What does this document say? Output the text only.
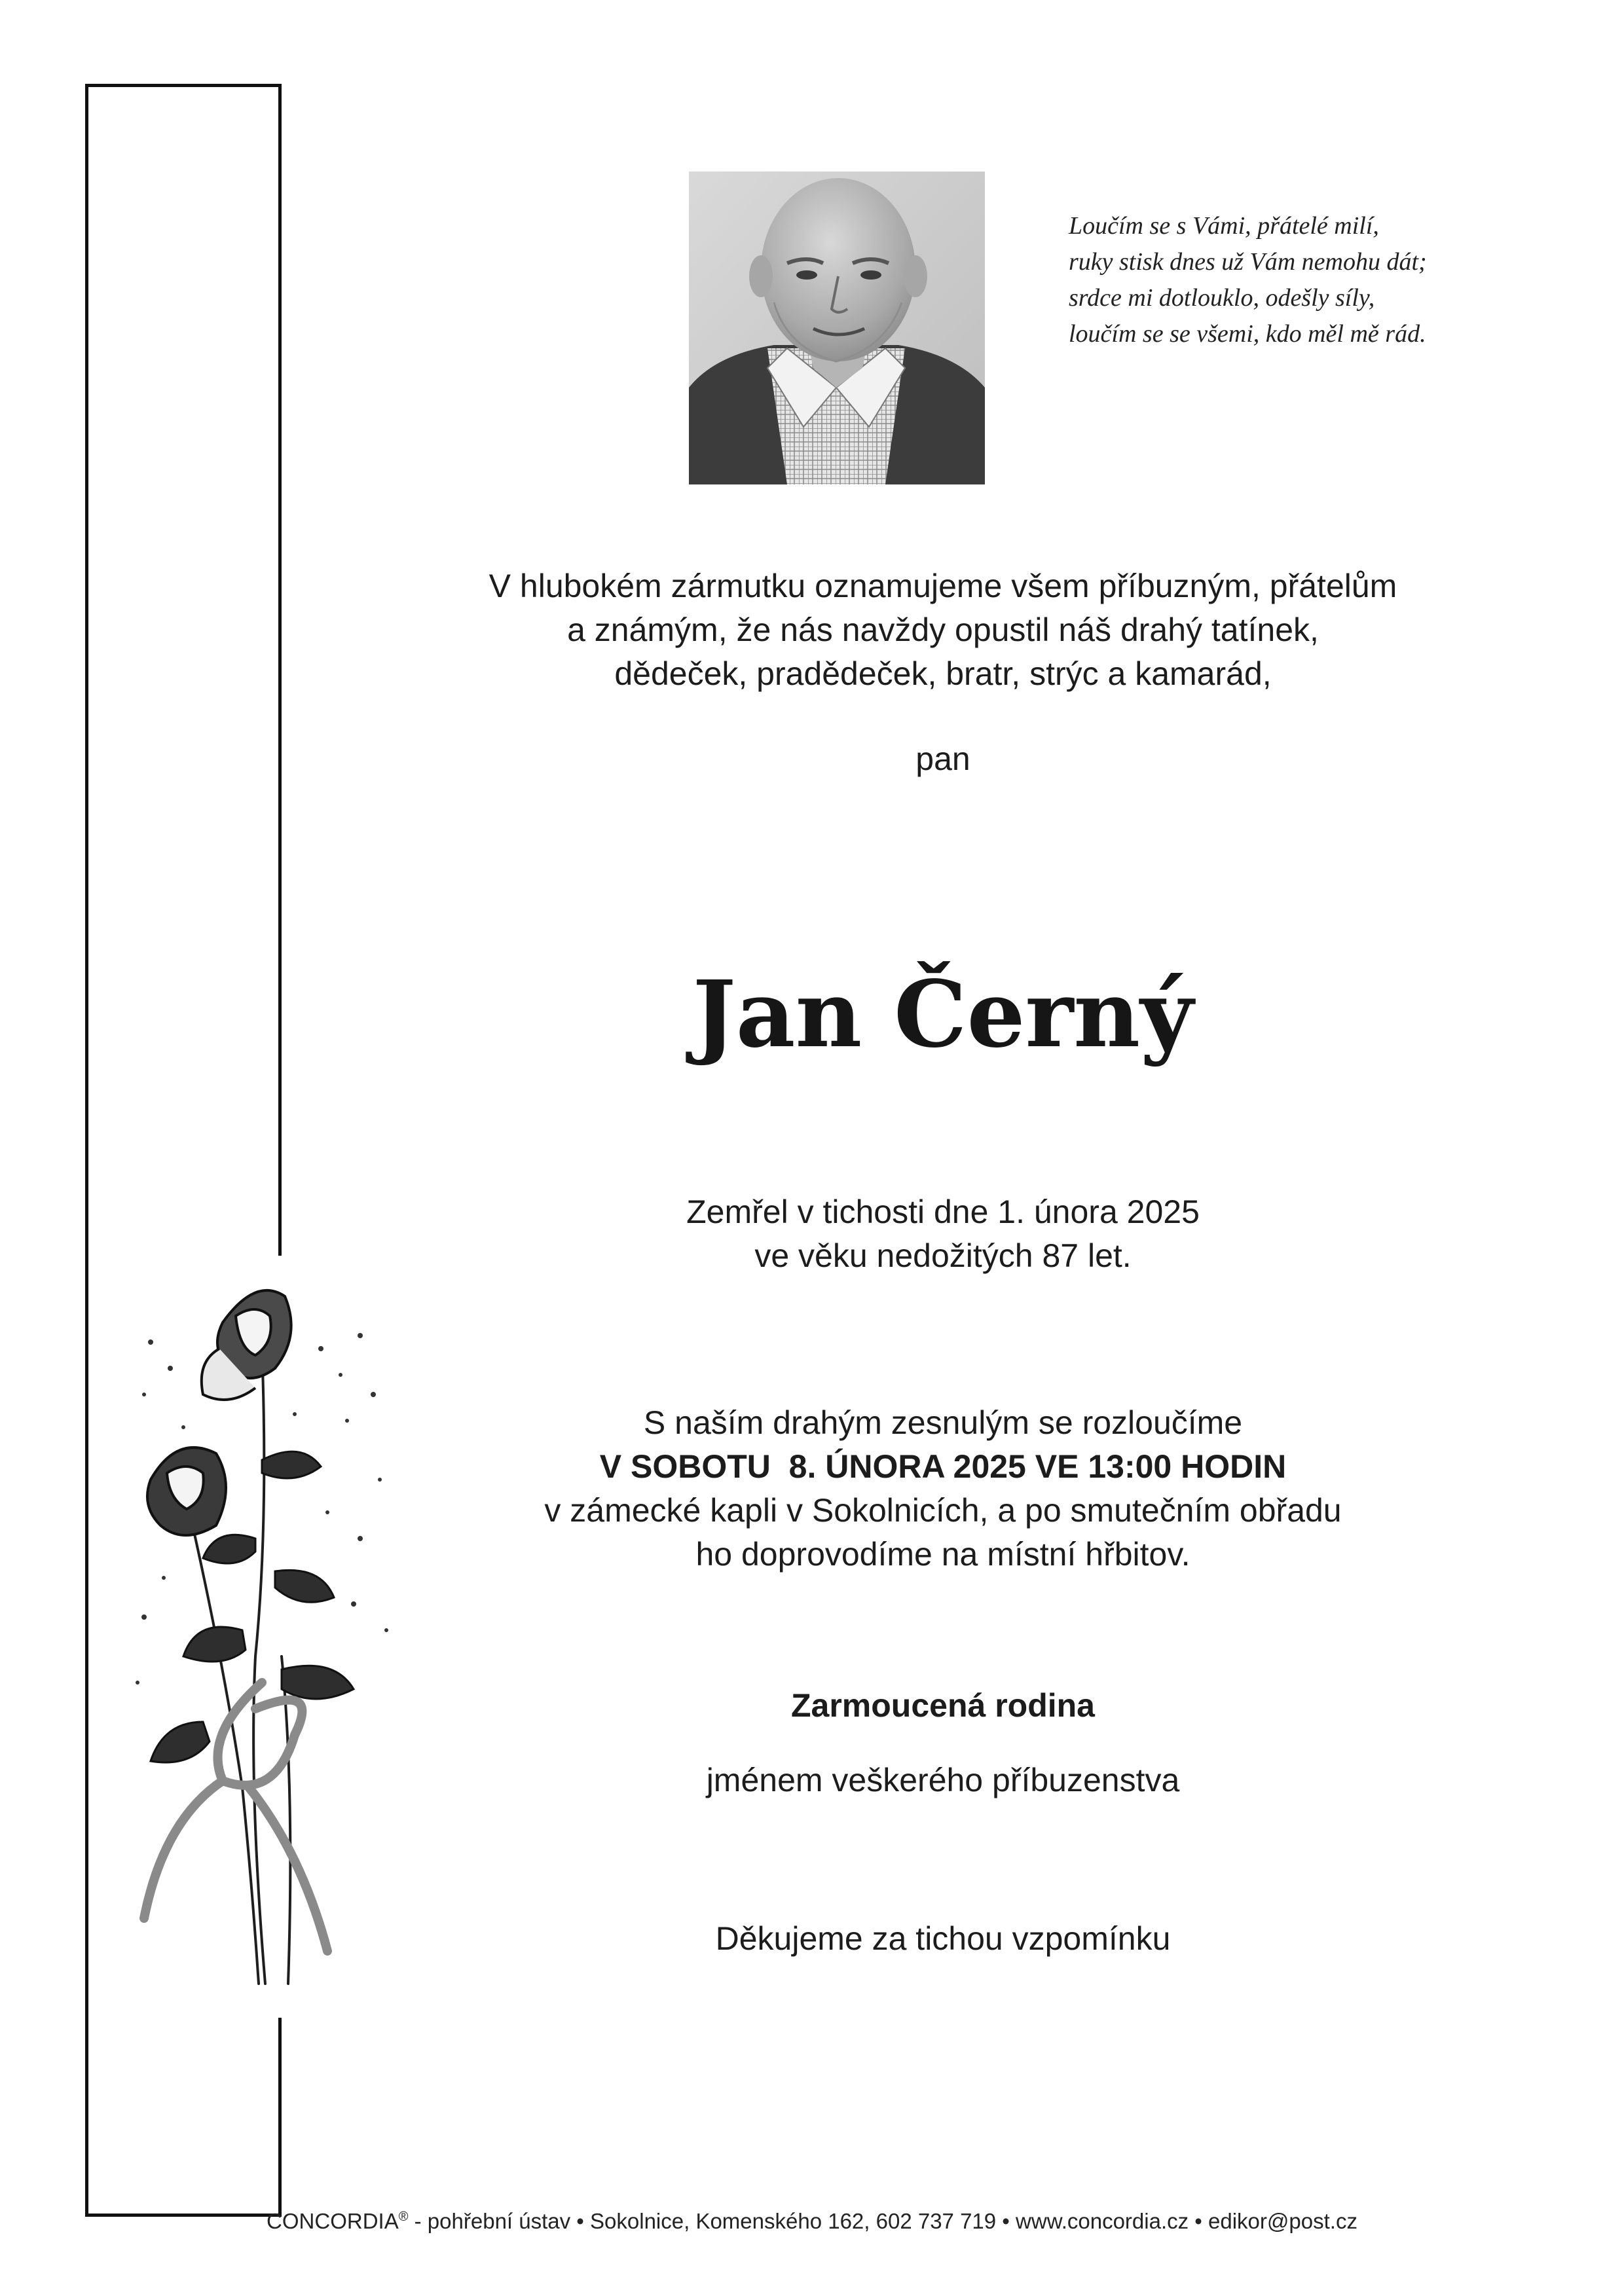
Loučím se s Vámi, přátelé milí,
ruky stisk dnes už Vám nemohu dát;
srdce mi dotlouklo, odešly síly,
loučím se se všemi, kdo měl mě rád.
V hlubokém zármutku oznamujeme všem příbuzným, přátelům
a známým, že nás navždy opustil náš drahý tatínek,
dědeček, pradědeček, bratr, strýc a kamarád,
pan
Jan Černý
Zemřel v tichosti dne 1. února 2025
ve věku nedožitých 87 let.
S naším drahým zesnulým se rozloučíme
V SOBOTU  8. ÚNORA 2025 VE 13:00 HODIN
v zámecké kapli v Sokolnicích, a po smutečním obřadu
ho doprovodíme na místní hřbitov.
Zarmoucená rodina
jménem veškerého příbuzenstva
Děkujeme za tichou vzpomínku
CONCORDIA® - pohřební ústav • Sokolnice, Komenského 162, 602 737 719 • www.concordia.cz • edikor@post.cz
